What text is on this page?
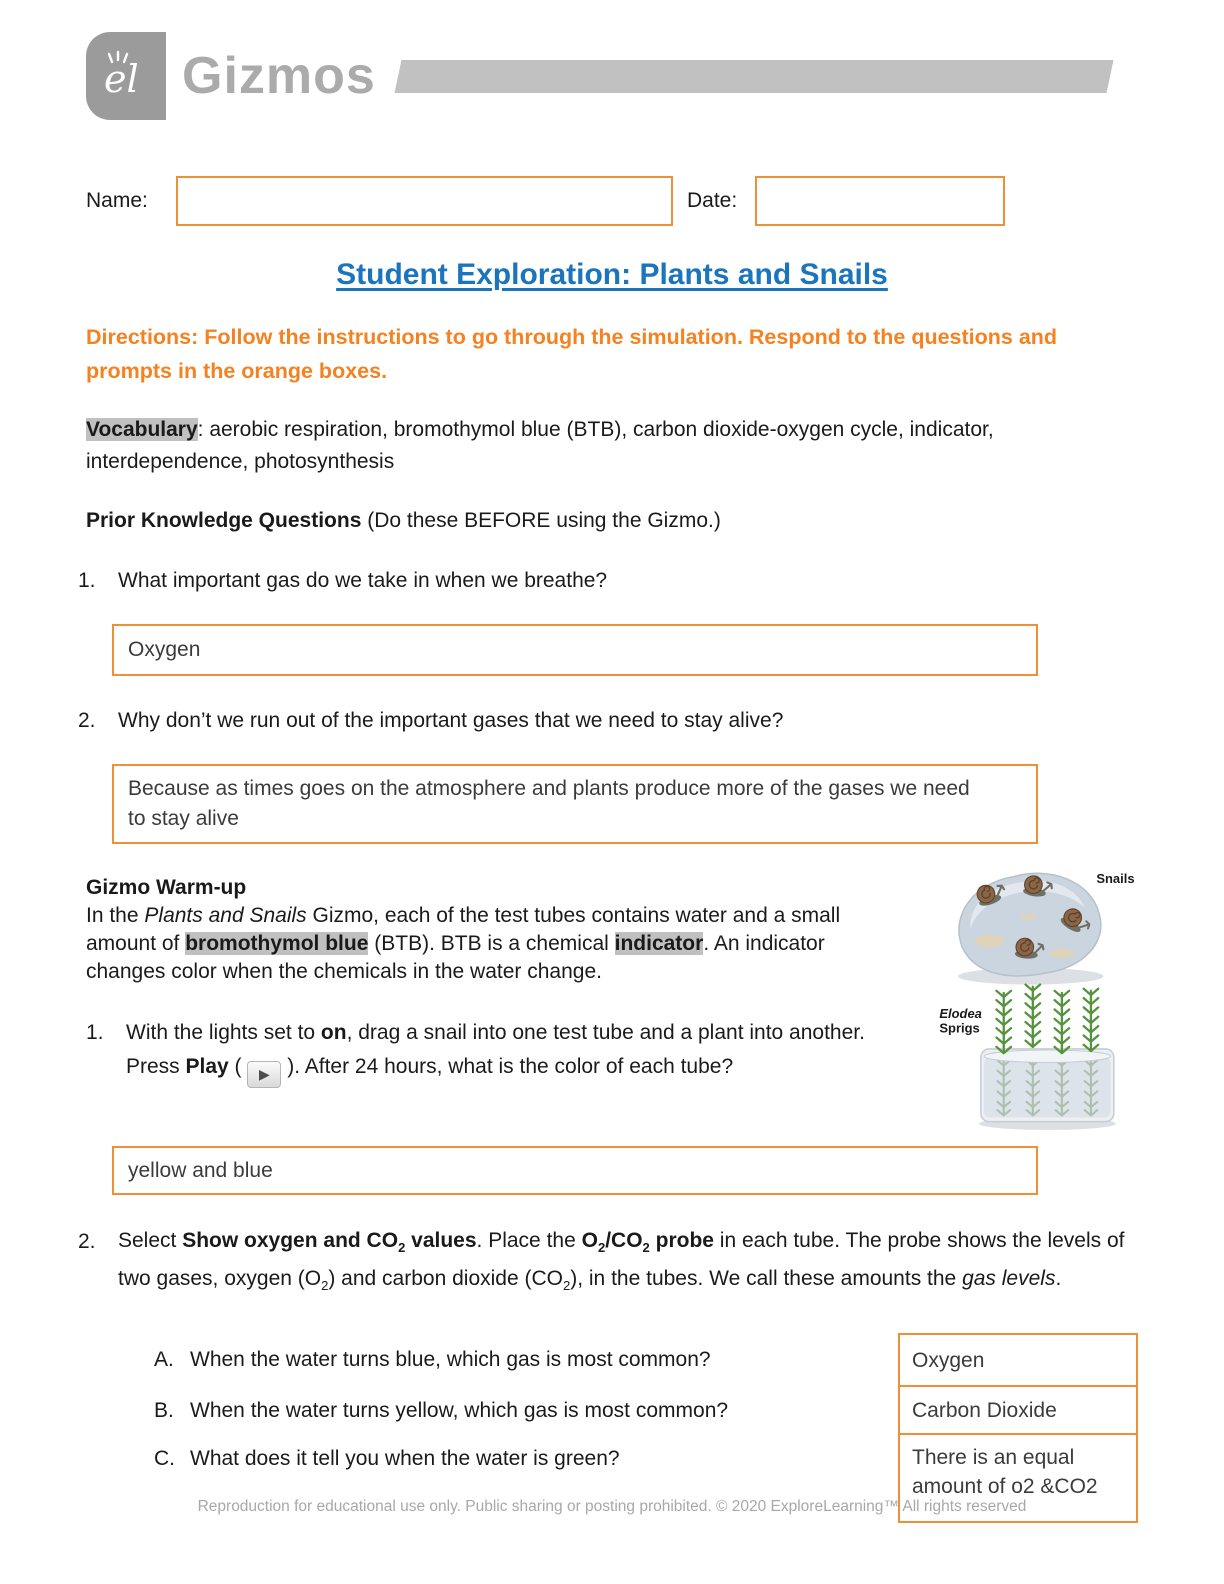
el Gizmos
Name:	Date:
Student Exploration: Plants and Snails
Directions: Follow the instructions to go through the simulation. Respond to the questions and prompts in the orange boxes.
Vocabulary: aerobic respiration, bromothymol blue (BTB), carbon dioxide-oxygen cycle, indicator, interdependence, photosynthesis
Prior Knowledge Questions (Do these BEFORE using the Gizmo.)
1.	What important gas do we take in when we breathe?
Oxygen
2.	Why don’t we run out of the important gases that we need to stay alive?
Because as times goes on the atmosphere and plants produce more of the gases we need to stay alive
Snails
Elodea
Sprigs
Gizmo Warm-up
In the Plants and Snails Gizmo, each of the test tubes contains water and a small amount of bromothymol blue (BTB). BTB is a chemical indicator. An indicator changes color when the chemicals in the water change.
1.	With the lights set to on, drag a snail into one test tube and a plant into another. Press Play ( ▶ ). After 24 hours, what is the color of each tube?
yellow and blue
2.	Select Show oxygen and $CO_2$ values. Place the $O_2/CO_2$ probe in each tube. The probe shows the levels of two gases, oxygen $(O_2)$ and carbon dioxide $(CO_2)$, in the tubes. We call these amounts the gas levels.
A. When the water turns blue, which gas is most common?	Oxygen
B. When the water turns yellow, which gas is most common?	Carbon Dioxide
C. What does it tell you when the water is green?	There is an equal amount of o2 &CO2
Reproduction for educational use only. Public sharing or posting prohibited. © 2020 ExploreLearning™ All rights reserved
